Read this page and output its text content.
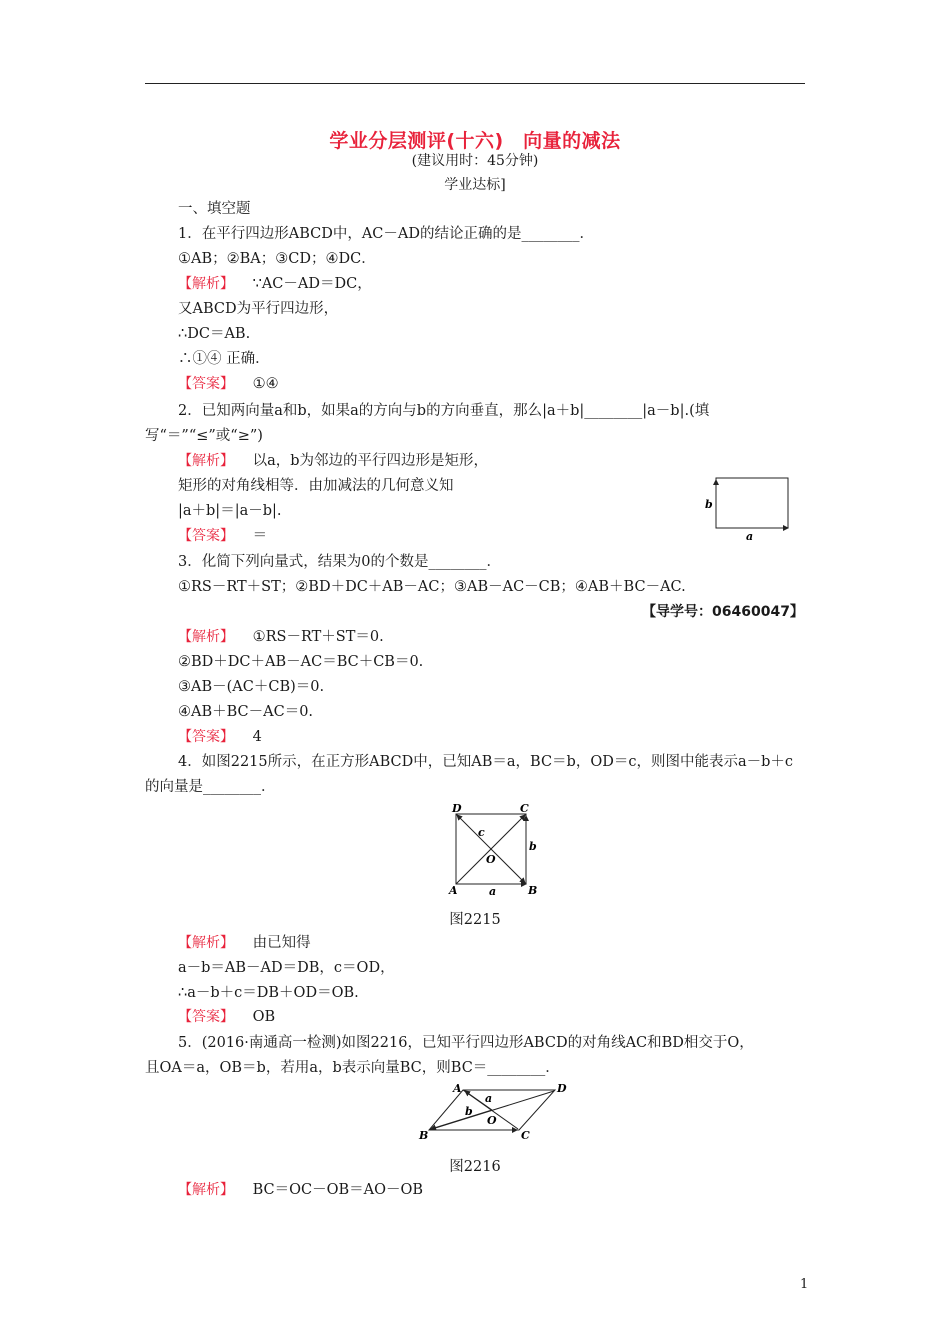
学业分层测评(十六)　向量的减法
(建议用时：45分钟)
学业达标]
一、填空题
1．在平行四边形ABCD中，AC－AD的结论正确的是________．
①AB；②BA；③CD；④DC．
【解析】 ∵AC－AD＝DC，
又ABCD为平行四边形，
∴DC＝AB.
∴①④ 正确．
【答案】 ①④
2．已知两向量a和b，如果a的方向与b的方向垂直，那么|a＋b|________|a－b|.(填
写“＝”“≤”或“≥”)
【解析】 以a，b为邻边的平行四边形是矩形，
矩形的对角线相等．由加减法的几何意义知
|a＋b|＝|a－b|.
【答案】 ＝
b
a
3．化简下列向量式，结果为0的个数是________．
①RS－RT＋ST；②BD＋DC＋AB－AC；③AB－AC－CB；④AB＋BC－AC.
【导学号：06460047】
【解析】 ①RS－RT＋ST＝0.
②BD＋DC＋AB－AC＝BC＋CB＝0.
③AB－(AC＋CB)＝0.
④AB＋BC－AC＝0.
【答案】 4
4．如图2215所示，在正方形ABCD中，已知AB＝a，BC＝b，OD＝c，则图中能表示a－b＋c
的向量是________．
D	C
A	B
O
c
b
a
图2215
【解析】 由已知得
a－b＝AB－AD＝DB，c＝OD，
∴a－b＋c＝DB＋OD＝OB.
【答案】 OB
5．(2016·南通高一检测)如图2216，已知平行四边形ABCD的对角线AC和BD相交于O，
且OA＝a，OB＝b，若用a，b表示向量BC，则BC＝________．
A	D
B	C
O
a
b
图2216
【解析】 BC＝OC－OB＝AO－OB
1
